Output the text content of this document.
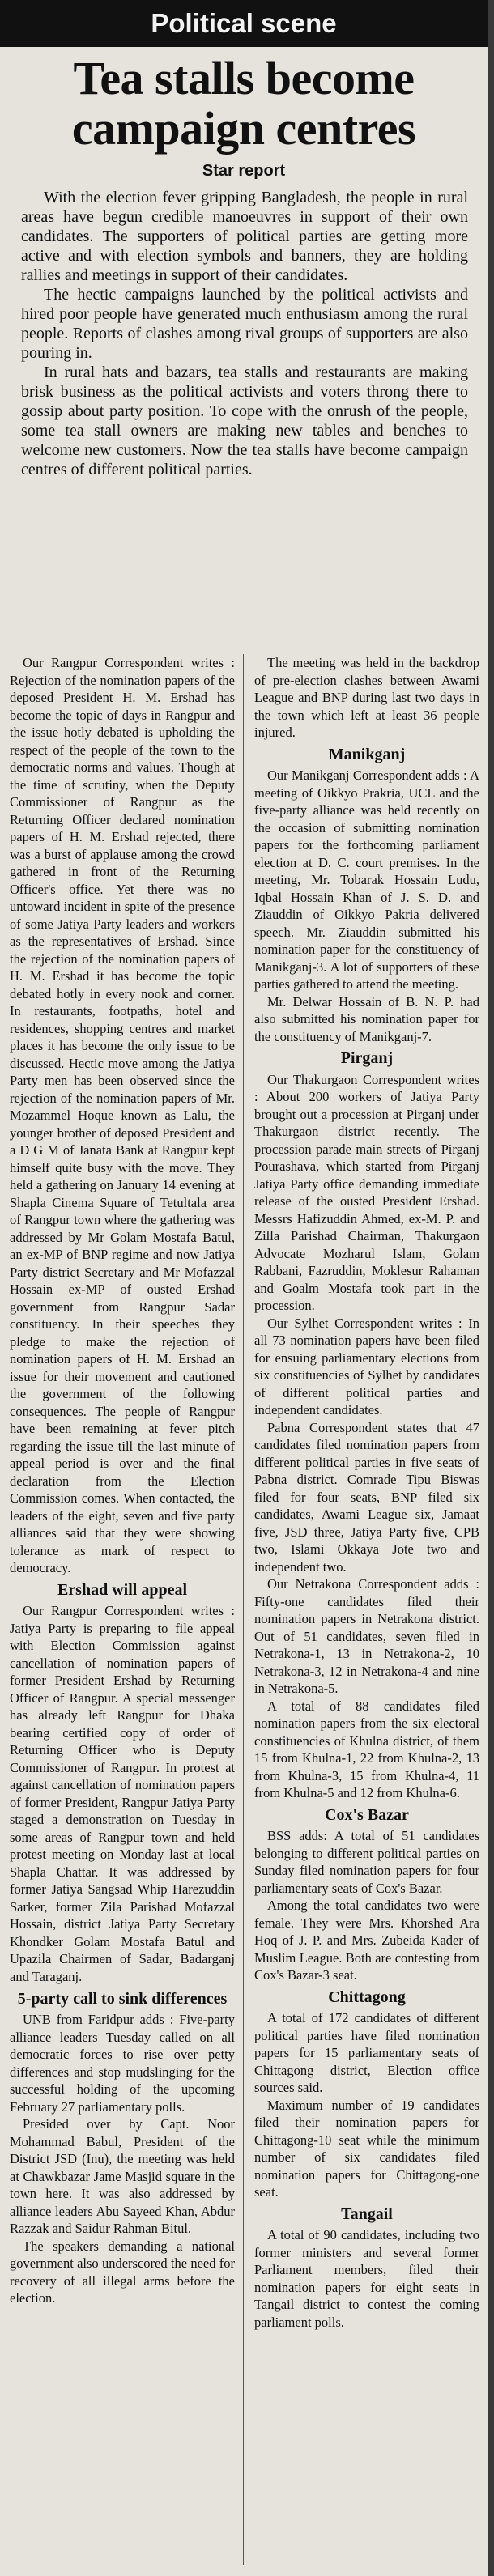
Political scene
Tea stalls become
campaign centres
Star report

With the election fever gripping Bangladesh, the people in rural areas have begun credible manoeuvres in support of their own candidates. The supporters of political parties are getting more active and with election symbols and banners, they are holding rallies and meetings in support of their candidates.

The hectic campaigns launched by the political activists and hired poor people have generated much enthusiasm among the rural people. Reports of clashes among rival groups of supporters are also pouring in.

In rural hats and bazars, tea stalls and restaurants are making brisk business as the political activists and voters throng there to gossip about party position. To cope with the onrush of the people, some tea stall owners are making new tables and benches to welcome new customers. Now the tea stalls have become campaign centres of different political parties.

Our Rangpur Correspondent writes : Rejection of the nomination papers of the deposed President H. M. Ershad has become the topic of days in Rangpur and the issue hotly debated is upholding the respect of the people of the town to the democratic norms and values. Though at the time of scrutiny, when the Deputy Commissioner of Rangpur as the Returning Officer declared nomination papers of H. M. Ershad rejected, there was a burst of applause among the crowd gathered in front of the Returning Officer's office. Yet there was no untoward incident in spite of the presence of some Jatiya Party leaders and workers as the representatives of Ershad. Since the rejection of the nomination papers of H. M. Ershad it has become the topic debated hotly in every nook and corner. In restaurants, footpaths, hotel and residences, shopping centres and market places it has become the only issue to be discussed. Hectic move among the Jatiya Party men has been observed since the rejection of the nomination papers of Mr. Mozammel Hoque known as Lalu, the younger brother of deposed President and a D G M of Janata Bank at Rangpur kept himself quite busy with the move. They held a gathering on January 14 evening at Shapla Cinema Square of Tetultala area of Rangpur town where the gathering was addressed by Mr Golam Mostafa Batul, an ex-MP of BNP regime and now Jatiya Party district Secretary and Mr Mofazzal Hossain ex-MP of ousted Ershad government from Rangpur Sadar constituency. In their speeches they pledge to make the rejection of nomination papers of H. M. Ershad an issue for their movement and cautioned the government of the following consequences. The people of Rangpur have been remaining at fever pitch regarding the issue till the last minute of appeal period is over and the final declaration from the Election Commission comes. When contacted, the leaders of the eight, seven and five party alliances said that they were showing tolerance as mark of respect to democracy.

Ershad will appeal

Our Rangpur Correspondent writes : Jatiya Party is preparing to file appeal with Election Commission against cancellation of nomination papers of former President Ershad by Returning Officer of Rangpur. A special messenger has already left Rangpur for Dhaka bearing certified copy of order of Returning Officer who is Deputy Commissioner of Rangpur. In protest at against cancellation of nomination papers of former President, Rangpur Jatiya Party staged a demonstration on Tuesday in some areas of Rangpur town and held protest meeting on Monday last at local Shapla Chattar. It was addressed by former Jatiya Sangsad Whip Harezuddin Sarker, former Zila Parishad Mofazzal Hossain, district Jatiya Party Secretary Khondker Golam Mostafa Batul and Upazila Chairmen of Sadar, Badarganj and Taraganj.

5-party call to sink differences

UNB from Faridpur adds : Five-party alliance leaders Tuesday called on all democratic forces to rise over petty differences and stop mudslinging for the successful holding of the upcoming February 27 parliamentary polls.

Presided over by Capt. Noor Mohammad Babul, President of the District JSD (Inu), the meeting was held at Chawkbazar Jame Masjid square in the town here. It was also addressed by alliance leaders Abu Sayeed Khan, Abdur Razzak and Saidur Rahman Bitul.

The speakers demanding a national government also underscored the need for recovery of all illegal arms before the election.

The meeting was held in the backdrop of pre-election clashes between Awami League and BNP during last two days in the town which left at least 36 people injured.

Manikganj

Our Manikganj Correspondent adds : A meeting of Oikkyo Prakria, UCL and the five-party alliance was held recently on the occasion of submitting nomination papers for the forthcoming parliament election at D. C. court premises. In the meeting, Mr. Tobarak Hossain Ludu, Iqbal Hossain Khan of J. S. D. and Ziauddin of Oikkyo Pakria delivered speech. Mr. Ziauddin submitted his nomination paper for the constituency of Manikganj-3. A lot of supporters of these parties gathered to attend the meeting.

Mr. Delwar Hossain of B. N. P. had also submitted his nomination paper for the constituency of Manikganj-7.

Pirganj

Our Thakurgaon Correspondent writes : About 200 workers of Jatiya Party brought out a procession at Pirganj under Thakurgaon district recently. The procession parade main streets of Pirganj Pourashava, which started from Pirganj Jatiya Party office demanding immediate release of the ousted President Ershad. Messrs Hafizuddin Ahmed, ex-M. P. and Zilla Parishad Chairman, Thakurgaon Advocate Mozharul Islam, Golam Rabbani, Fazruddin, Moklesur Rahaman and Goalm Mostafa took part in the procession.

Our Sylhet Correspondent writes : In all 73 nomination papers have been filed for ensuing parliamentary elections from six constituencies of Sylhet by candidates of different political parties and independent candidates.

Pabna Correspondent states that 47 candidates filed nomination papers from different political parties in five seats of Pabna district. Comrade Tipu Biswas filed for four seats, BNP filed six candidates, Awami League six, Jamaat five, JSD three, Jatiya Party five, CPB two, Islami Okkaya Jote two and independent two.

Our Netrakona Correspondent adds : Fifty-one candidates filed their nomination papers in Netrakona district. Out of 51 candidates, seven filed in Netrakona-1, 13 in Netrakona-2, 10 Netrakona-3, 12 in Netrakona-4 and nine in Netrakona-5.

A total of 88 candidates filed nomination papers from the six electoral constituencies of Khulna district, of them 15 from Khulna-1, 22 from Khulna-2, 13 from Khulna-3, 15 from Khulna-4, 11 from Khulna-5 and 12 from Khulna-6.

Cox's Bazar

BSS adds: A total of 51 candidates belonging to different political parties on Sunday filed nomination papers for four parliamentary seats of Cox's Bazar.

Among the total candidates two were female. They were Mrs. Khorshed Ara Hoq of J. P. and Mrs. Zubeida Kader of Muslim League. Both are contesting from Cox's Bazar-3 seat.

Chittagong

A total of 172 candidates of different political parties have filed nomination papers for 15 parliamentary seats of Chittagong district, Election office sources said.

Maximum number of 19 candidates filed their nomination papers for Chittagong-10 seat while the minimum number of six candidates filed nomination papers for Chittagong-one seat.

Tangail

A total of 90 candidates, including two former ministers and several former Parliament members, filed their nomination papers for eight seats in Tangail district to contest the coming parliament polls.
